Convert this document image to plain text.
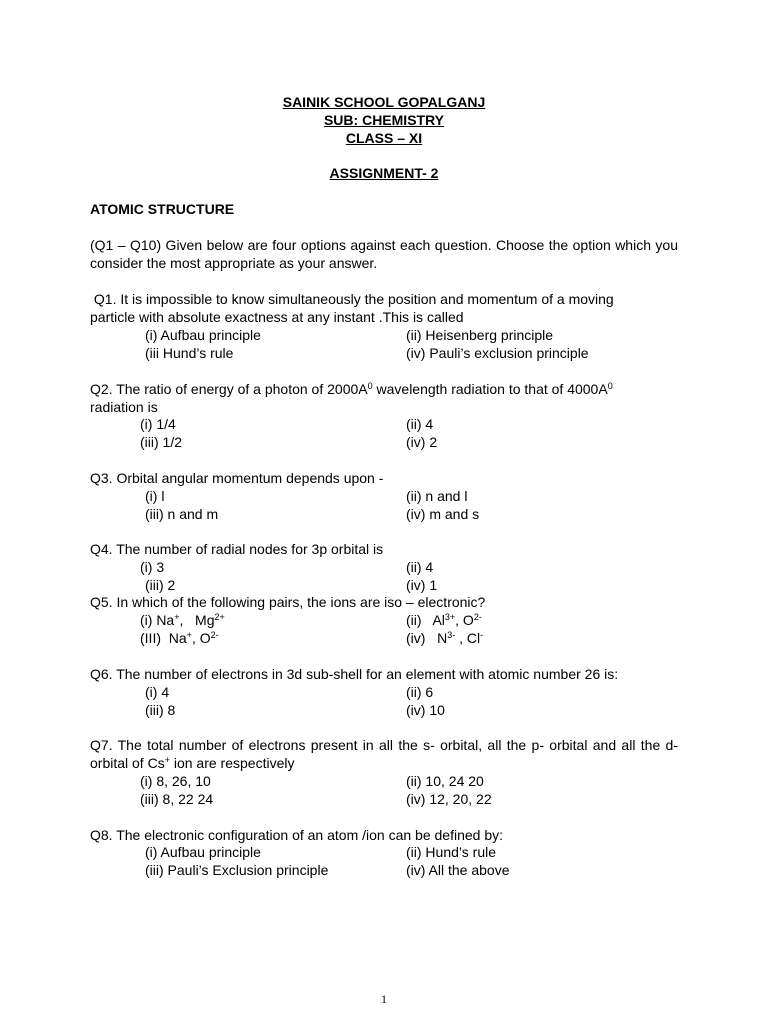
SAINIK SCHOOL GOPALGANJ
SUB: CHEMISTRY
CLASS – XI
ASSIGNMENT- 2
ATOMIC STRUCTURE
(Q1 – Q10) Given below are four options against each question. Choose the option which you consider the most appropriate as your answer.
Q1. It is impossible to know simultaneously the position and momentum of a moving
particle with absolute exactness at any instant .This is called
(i) Aufbau principle	(ii) Heisenberg principle
(iii Hund’s rule	(iv) Pauli’s exclusion principle
Q2. The ratio of energy of a photon of $2000A^0$ wavelength radiation to that of $4000A^0$
radiation is
(i) 1/4	(ii) 4
(iii) 1/2	(iv) 2
Q3. Orbital angular momentum depends upon -
(i) l	(ii) n and l
(iii) n and m	(iv) m and s
Q4. The number of radial nodes for 3p orbital is
(i) 3	(ii) 4
(iii) 2	(iv) 1
Q5. In which of the following pairs, the ions are iso – electronic?
(i) Na+,   $Mg^{2+}$	(ii)   $Al^{3+}$, $O^{2-}$
(III)  Na+, $O^{2-}$	(iv)   $N^{3-}$ , Cl-
Q6. The number of electrons in 3d sub-shell for an element with atomic number 26 is:
(i) 4	(ii) 6
(iii) 8	(iv) 10
Q7. The total number of electrons present in all the s- orbital, all the p- orbital and all the d- orbital of Cs+ ion are respectively
(i) 8, 26, 10	(ii) 10, 24 20
(iii) 8, 22 24	(iv) 12, 20, 22
Q8. The electronic configuration of an atom /ion can be defined by:
(i) Aufbau principle	(ii) Hund’s rule
(iii) Pauli’s Exclusion principle	(iv) All the above
1
